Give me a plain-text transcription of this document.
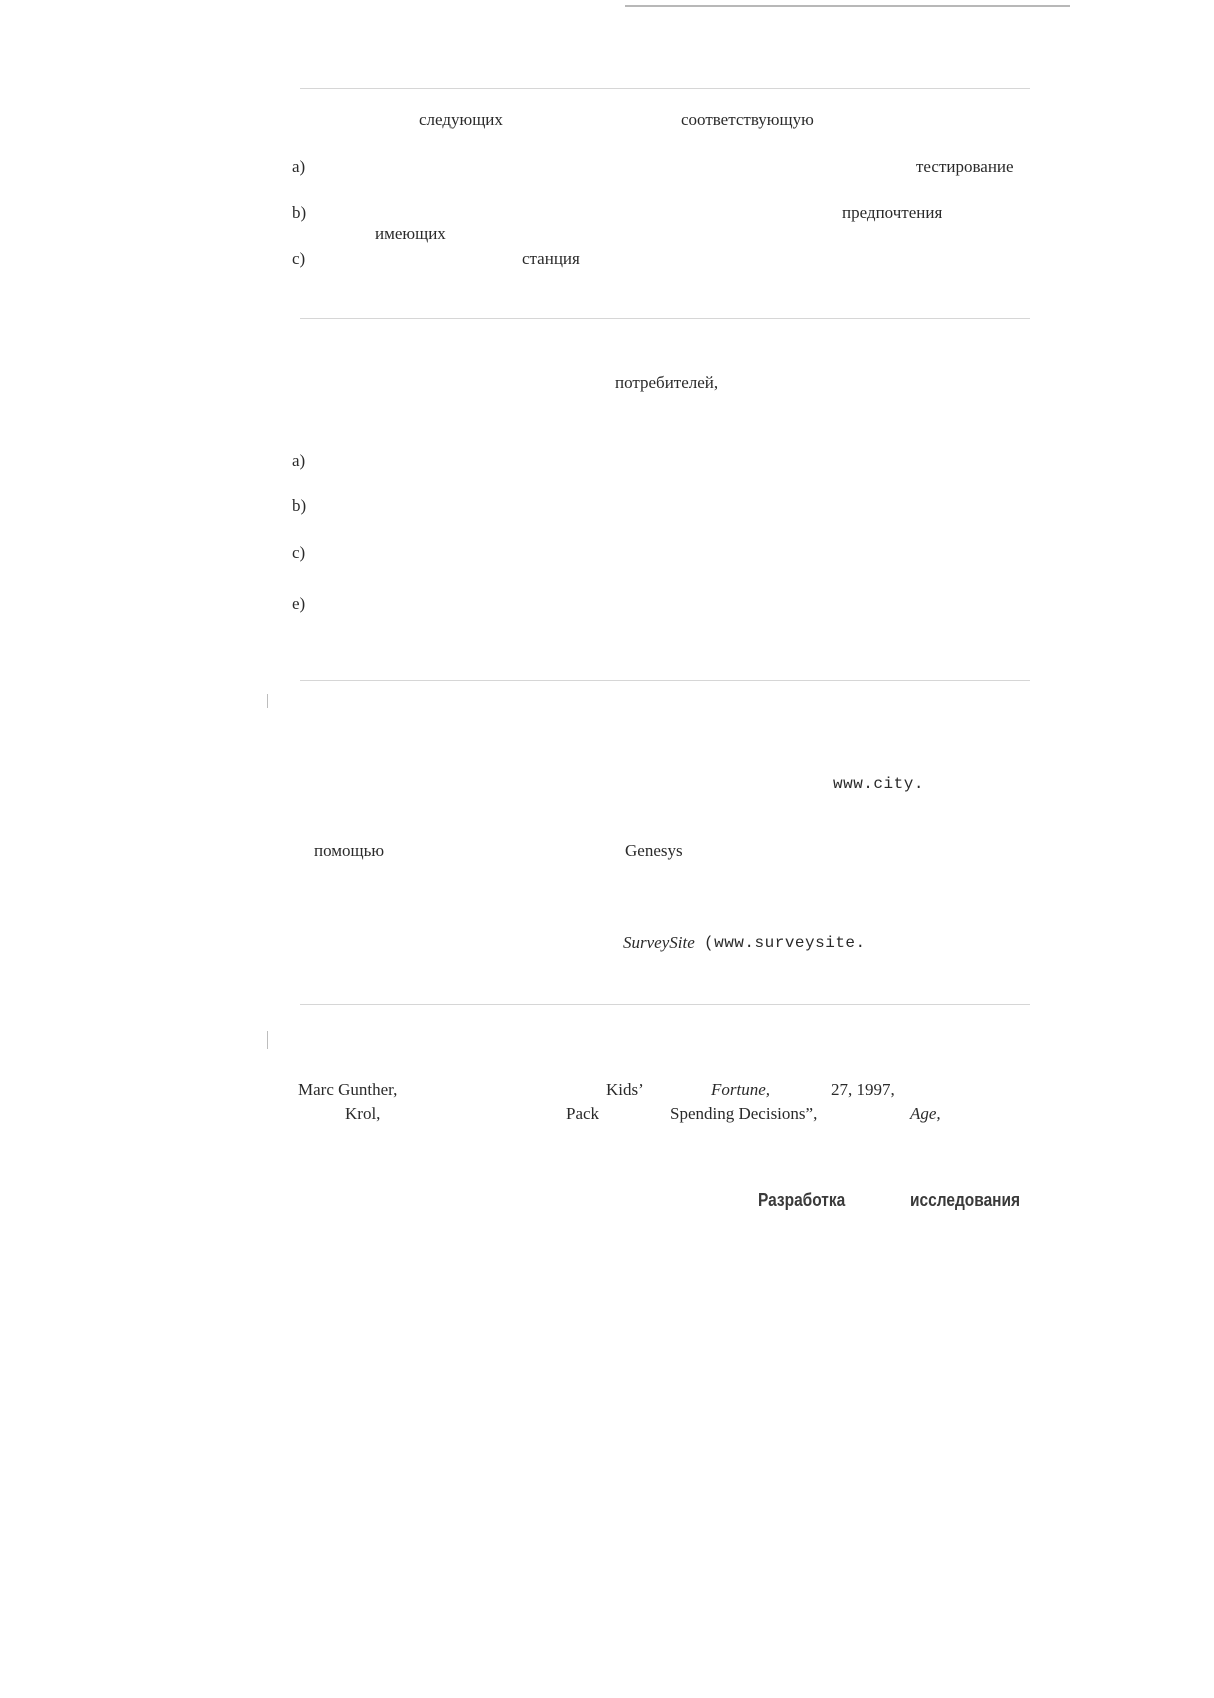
следующих	соответствующую
a)	тестирование
b)	предпочтения
имеющих
c)	станция
потребителей,
a)
b)
c)
e)
www.city.
помощью	Genesys
SurveySite (www.surveysite.
Marc Gunther,	Kids’	Fortune,	27, 1997,
Krol,	Pack	Spending Decisions”,	Age,
Разработка	исследования
